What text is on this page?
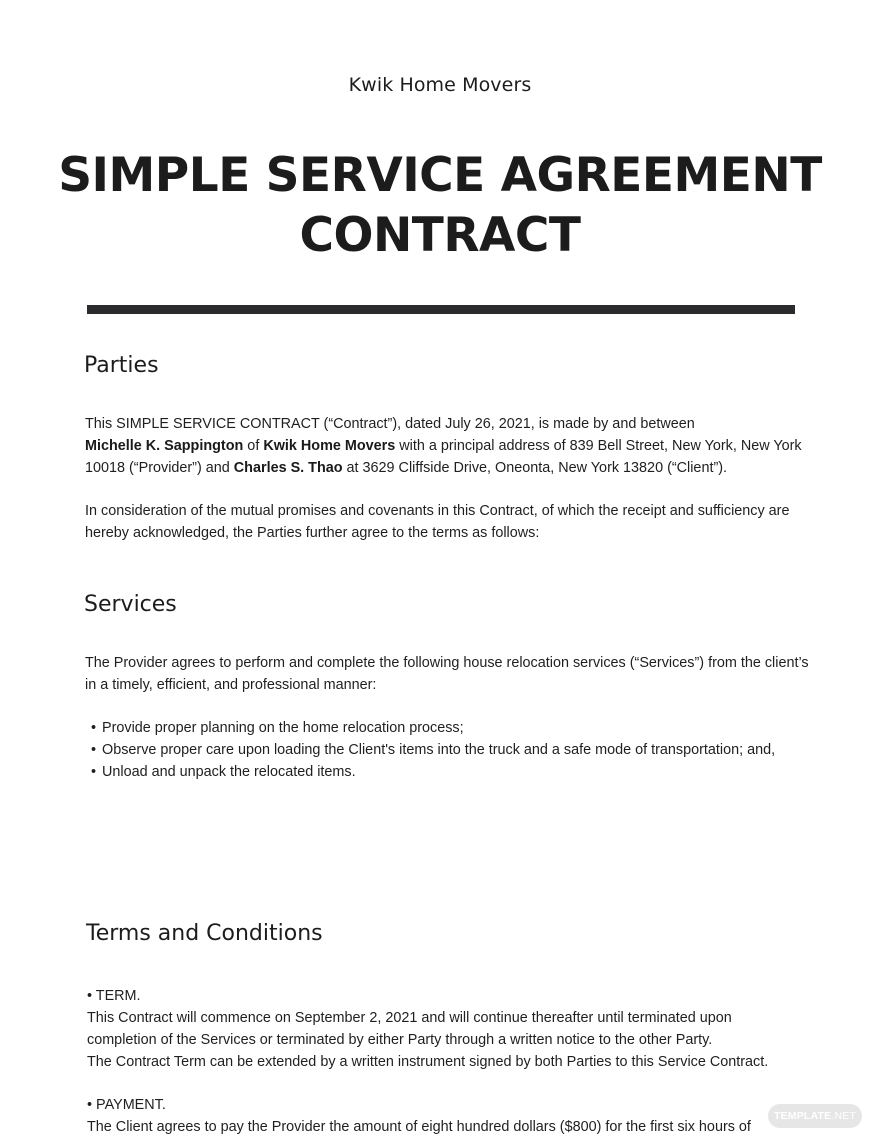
Kwik Home Movers
SIMPLE SERVICE AGREEMENT
CONTRACT
Parties

This SIMPLE SERVICE CONTRACT (“Contract”), dated July 26, 2021, is made by and between
Michelle K. Sappington of Kwik Home Movers with a principal address of 839 Bell Street, New York, New York 10018 (“Provider”) and Charles S. Thao at 3629 Cliffside Drive, Oneonta, New York 13820 (“Client”).

In consideration of the mutual promises and covenants in this Contract, of which the receipt and sufficiency are hereby acknowledged, the Parties further agree to the terms as follows:

Services

The Provider agrees to perform and complete the following house relocation services (“Services”) from the client’s in a timely, efficient, and professional manner:

• Provide proper planning on the home relocation process;
• Observe proper care upon loading the Client's items into the truck and a safe mode of transportation; and,
• Unload and unpack the relocated items.
Terms and Conditions
• TERM.
This Contract will commence on September 2, 2021 and will continue thereafter until terminated upon
completion of the Services or terminated by either Party through a written notice to the other Party.
The Contract Term can be extended by a written instrument signed by both Parties to this Service Contract.
• PAYMENT.
The Client agrees to pay the Provider the amount of eight hundred dollars ($800) for the first six hours of
TEMPLATE.NET
